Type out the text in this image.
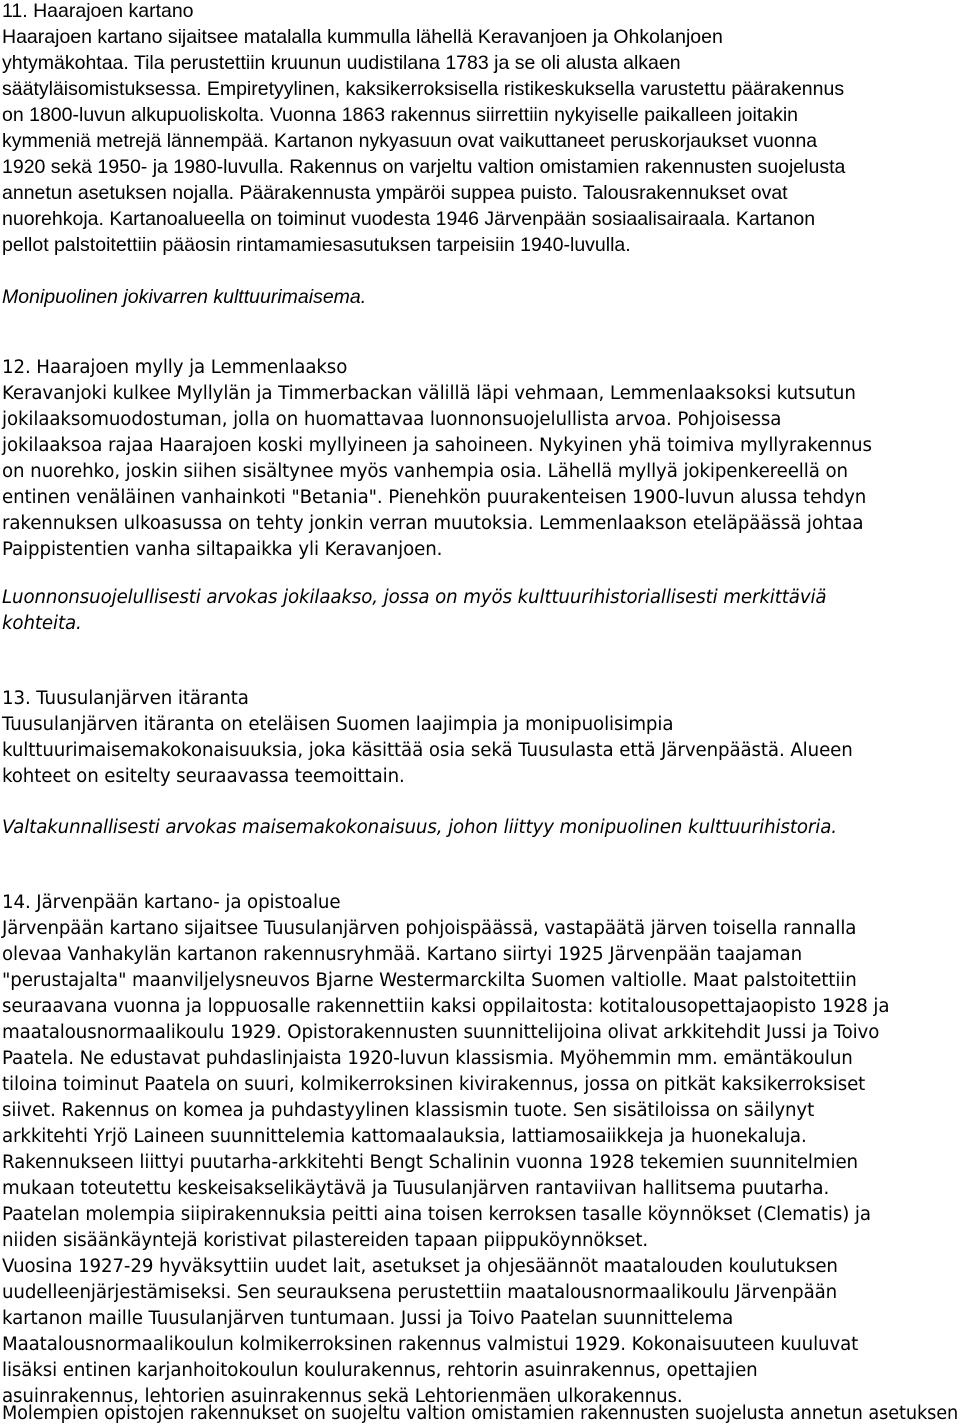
11. Haarajoen kartano
Haarajoen kartano sijaitsee matalalla kummulla lähellä Keravanjoen ja Ohkolanjoen
yhtymäkohtaa. Tila perustettiin kruunun uudistilana 1783 ja se oli alusta alkaen
säätyläisomistuksessa. Empiretyylinen, kaksikerroksisella ristikeskuksella varustettu päärakennus
on 1800-luvun alkupuoliskolta. Vuonna 1863 rakennus siirrettiin nykyiselle paikalleen joitakin
kymmeniä metrejä lännempää. Kartanon nykyasuun ovat vaikuttaneet peruskorjaukset vuonna
1920 sekä 1950- ja 1980-luvulla. Rakennus on varjeltu valtion omistamien rakennusten suojelusta
annetun asetuksen nojalla. Päärakennusta ympäröi suppea puisto. Talousrakennukset ovat
nuorehkoja. Kartanoalueella on toiminut vuodesta 1946 Järvenpään sosiaalisairaala. Kartanon
pellot palstoitettiin pääosin rintamamiesasutuksen tarpeisiin 1940-luvulla.
Monipuolinen jokivarren kulttuurimaisema.
12. Haarajoen mylly ja Lemmenlaakso
Keravanjoki kulkee Myllylän ja Timmerbackan välillä läpi vehmaan, Lemmenlaaksoksi kutsutun
jokilaaksomuodostuman, jolla on huomattavaa luonnonsuojelullista arvoa. Pohjoisessa
jokilaaksoa rajaa Haarajoen koski myllyineen ja sahoineen. Nykyinen yhä toimiva myllyrakennus
on nuorehko, joskin siihen sisältynee myös vanhempia osia. Lähellä myllyä jokipenkereellä on
entinen venäläinen vanhainkoti "Betania". Pienehkön puurakenteisen 1900-luvun alussa tehdyn
rakennuksen ulkoasussa on tehty jonkin verran muutoksia. Lemmenlaakson eteläpäässä johtaa
Paippistentien vanha siltapaikka yli Keravanjoen.
Luonnonsuojelullisesti arvokas jokilaakso, jossa on myös kulttuurihistoriallisesti merkittäviä
kohteita.
13. Tuusulanjärven itäranta
Tuusulanjärven itäranta on eteläisen Suomen laajimpia ja monipuolisimpia
kulttuurimaisemakokonaisuuksia, joka käsittää osia sekä Tuusulasta että Järvenpäästä. Alueen
kohteet on esitelty seuraavassa teemoittain.
Valtakunnallisesti arvokas maisemakokonaisuus, johon liittyy monipuolinen kulttuurihistoria.
14. Järvenpään kartano- ja opistoalue
Järvenpään kartano sijaitsee Tuusulanjärven pohjoispäässä, vastapäätä järven toisella rannalla
olevaa Vanhakylän kartanon rakennusryhmää. Kartano siirtyi 1925 Järvenpään taajaman
"perustajalta" maanviljelysneuvos Bjarne Westermarckilta Suomen valtiolle. Maat palstoitettiin
seuraavana vuonna ja loppuosalle rakennettiin kaksi oppilaitosta: kotitalousopettajaopisto 1928 ja
maatalousnormaalikoulu 1929. Opistorakennusten suunnittelijoina olivat arkkitehdit Jussi ja Toivo
Paatela. Ne edustavat puhdaslinjaista 1920-luvun klassismia. Myöhemmin mm. emäntäkoulun
tiloina toiminut Paatela on suuri, kolmikerroksinen kivirakennus, jossa on pitkät kaksikerroksiset
siivet. Rakennus on komea ja puhdastyylinen klassismin tuote. Sen sisätiloissa on säilynyt
arkkitehti Yrjö Laineen suunnittelemia kattomaalauksia, lattiamosaiikkeja ja huonekaluja.
Rakennukseen liittyi puutarha-arkkitehti Bengt Schalinin vuonna 1928 tekemien suunnitelmien
mukaan toteutettu keskeisakselikäytävä ja Tuusulanjärven rantaviivan hallitsema puutarha.
Paatelan molempia siipirakennuksia peitti aina toisen kerroksen tasalle köynnökset (Clematis) ja
niiden sisäänkäyntejä koristivat pilastereiden tapaan piippuköynnökset.
Vuosina 1927-29 hyväksyttiin uudet lait, asetukset ja ohjesäännöt maatalouden koulutuksen
uudelleenjärjestämiseksi. Sen seurauksena perustettiin maatalousnormaalikoulu Järvenpään
kartanon maille Tuusulanjärven tuntumaan. Jussi ja Toivo Paatelan suunnittelema
Maatalousnormaalikoulun kolmikerroksinen rakennus valmistui 1929. Kokonaisuuteen kuuluvat
lisäksi entinen karjanhoitokoulun koulurakennus, rehtorin asuinrakennus, opettajien
asuinrakennus, lehtorien asuinrakennus sekä Lehtorienmäen ulkorakennus.
Molempien opistojen rakennukset on suojeltu valtion omistamien rakennusten suojelusta annetun asetuksen
